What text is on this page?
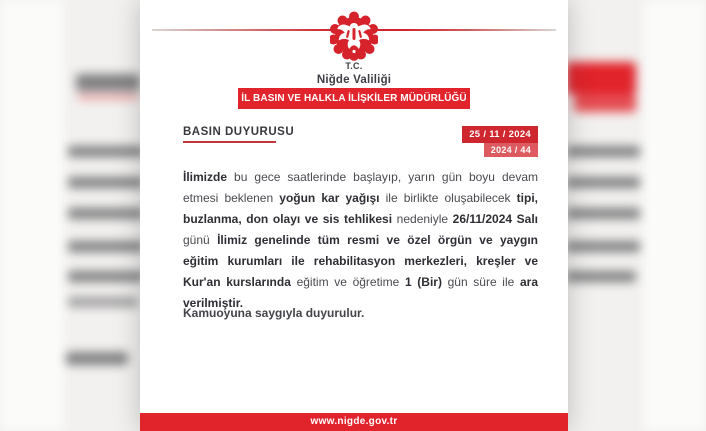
T.C.
Niğde Valiliği
İL BASIN VE HALKLA İLİŞKİLER MÜDÜRLÜĞÜ
BASIN DUYURUSU	25 / 11 / 2024
2024 / 44
İlimizde bu gece saatlerinde başlayıp, yarın gün boyu devam etmesi beklenen yoğun kar yağışı ile birlikte oluşabilecek tipi, buzlanma, don olayı ve sis tehlikesi nedeniyle 26/11/2024 Salı günü İlimiz genelinde tüm resmi ve özel örgün ve yaygın eğitim kurumları ile rehabilitasyon merkezleri, kreşler ve Kur'an kurslarında eğitim ve öğretime 1 (Bir) gün süre ile ara verilmiştir.
Kamuoyuna saygıyla duyurulur.
www.nigde.gov.tr
